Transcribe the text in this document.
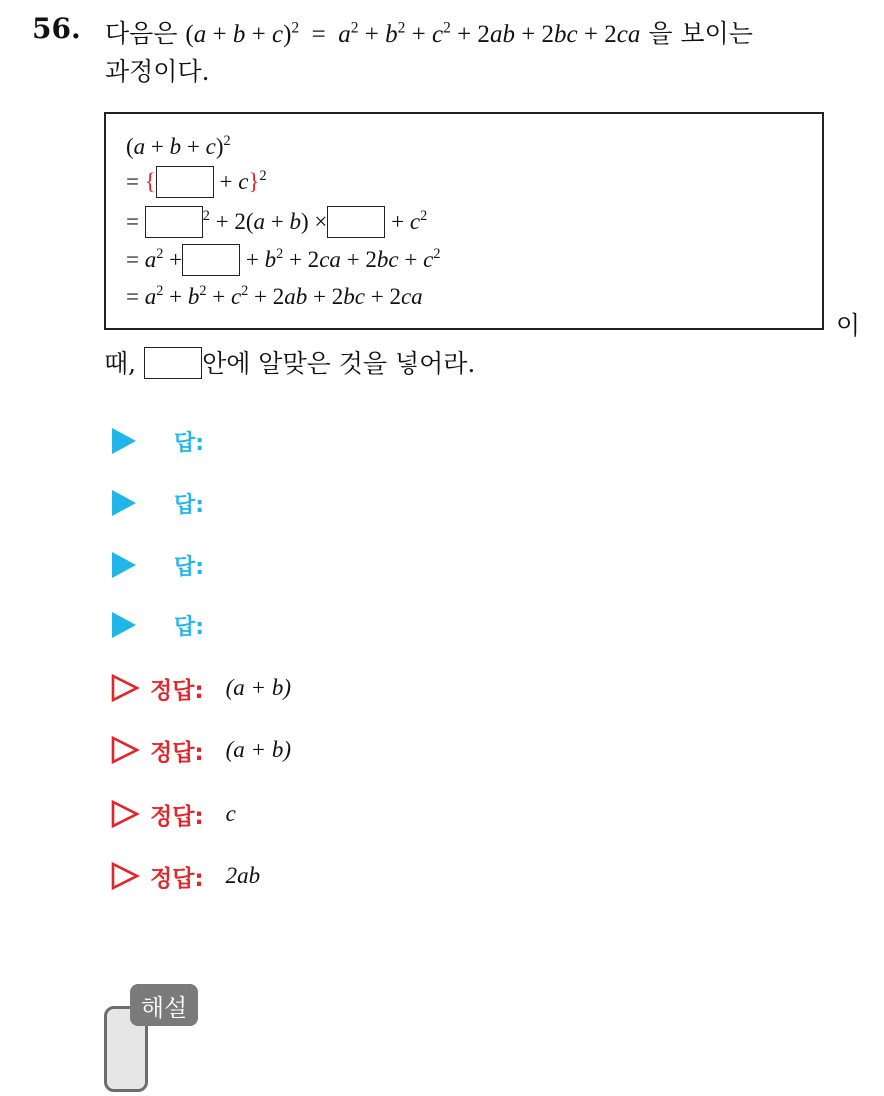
56. 다음은 $(a + b + c)^2 = a^2 + b^2 + c^2 + 2ab + 2bc + 2ca$ 을 보이는
과정이다.
$(a + b + c)^2$
= {	+ c}$^2$
=	$^2$ + 2(a + b) ×	+ $c^2$
= $a^2$ +	+ $b^2 + 2ca + 2bc + c^2$
= $a^2 + b^2 + c^2 + 2ab + 2bc + 2ca$
이
때,	안에 알맞은 것을 넣어라.
답:
답:
답:
답:
정답: (a + b)
정답: (a + b)
정답: c
정답: 2ab
해설
